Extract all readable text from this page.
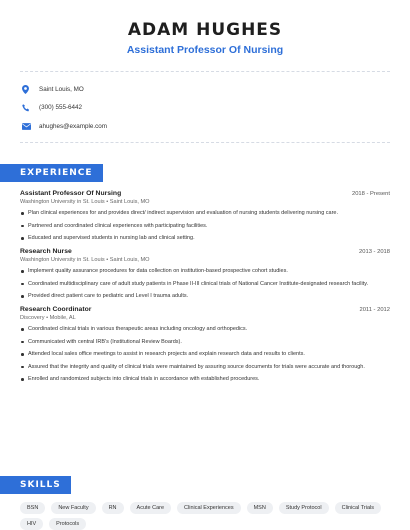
ADAM HUGHES
Assistant Professor Of Nursing
Saint Louis, MO
(300) 555-6442
ahughes@example.com
EXPERIENCE
Assistant Professor Of Nursing	2018 - Present
Washington University in St. Louis • Saint Louis, MO
Plan clinical experiences for and provides direct/ indirect supervision and evaluation of nursing students delivering nursing care.
Partnered and coordinated clinical experiences with participating facilities.
Educated and supervised students in nursing lab and clinical setting.
Research Nurse	2013 - 2018
Washington University in St. Louis • Saint Louis, MO
Implement quality assurance procedures for data collection on institution-based prospective cohort studies.
Coordinated multidisciplinary care of adult study patients in Phase II-III clinical trials of National Cancer Institute-designated research facility.
Provided direct patient care to pediatric and Level I trauma adults.
Research Coordinator	2011 - 2012
Discovery • Mobile, AL
Coordinated clinical trials in various therapeutic areas including oncology and orthopedics.
Communicated with central IRB's (Institutional Review Boards).
Attended local sales office meetings to assist in research projects and explain research data and results to clients.
Assured that the integrity and quality of clinical trials were maintained by assuring source documents for trials were accurate and thorough.
Enrolled and randomized subjects into clinical trials in accordance with established procedures.
SKILLS
BSN	New Faculty	RN	Acute Care	Clinical Experiences	MSN	Study Protocol	Clinical Trials
HIV	Protocols
